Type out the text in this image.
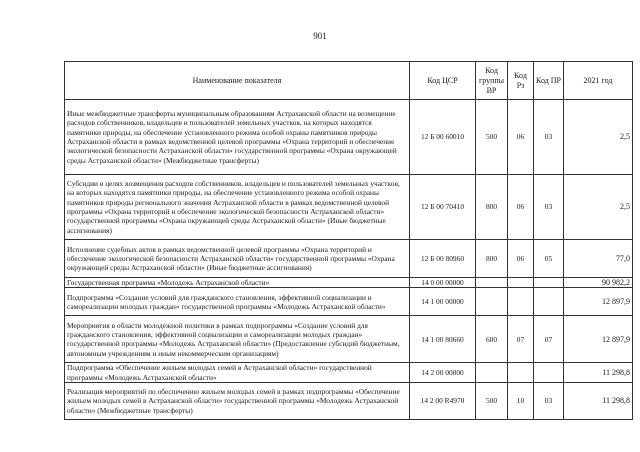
901
Наименование показателя	Код ЦСР	Код группы ВР	Код Рз	Код ПР	2021 год
Иные межбюджетные трансферты муниципальным образованиям Астраханской области на возмещение расходов собственников, владельцев и пользователей земельных участков, на которых находятся памятники природы, на обеспечение установленного режима особой охраны памятников природы Астраханской области в рамках ведомственной целевой программы «Охрана территорий и обеспечение экологической безопасности Астраханской области» государственной программы «Охрана окружающей среды Астраханской области» (Межбюджетные трансферты)	12 Б 00 60010	500	06	03	2,5
Субсидии в целях возмещения расходов собственников, владельцев и пользователей земельных участков, на которых находятся памятники природы, на обеспечение установленного режима особой охраны памятников природы регионального значения Астраханской области в рамках ведомственной целевой программы «Охрана территорий и обеспечение экологической безопасности Астраханской области» государственной программы «Охрана окружающей среды Астраханской области» (Иные бюджетные ассигнования)	12 Б 00 70410	800	06	03	2,5
Исполнение судебных актов в рамках ведомственной целевой программы «Охрана территорий и обеспечение экологической безопасности Астраханской области» государственной программы «Охрана окружающей среды Астраханской области» (Иные бюджетные ассигнования)	12 Б 00 80960	800	06	05	77,0
Государственная программа «Молодежь Астраханской области»	14 0 00 00000				90 982,2
Подпрограмма «Создание условий для гражданского становления, эффективной социализации и самореализации молодых граждан» государственной программы «Молодежь Астраханской области»	14 1 00 00000				12 897,9
Мероприятия в области молодежной политики в рамках подпрограммы «Создание условий для гражданского становления, эффективной социализации и самореализации молодых граждан» государственной программы «Молодежь Астраханской области» (Предоставление субсидий бюджетным, автономным учреждениям и иным некоммерческим организациям)	14 1 00 80660	600	07	07	12 897,9
Подпрограмма «Обеспечение жильем молодых семей в Астраханской области» государственной программы «Молодежь Астраханской области»	14 2 00 00000				11 298,8
Реализация мероприятий по обеспечению жильем молодых семей в рамках подпрограммы «Обеспечение жильем молодых семей в Астраханской области» государственной программы «Молодежь Астраханской области» (Межбюджетные трансферты)	14 2 00 R4970	500	10	03	11 298,8
